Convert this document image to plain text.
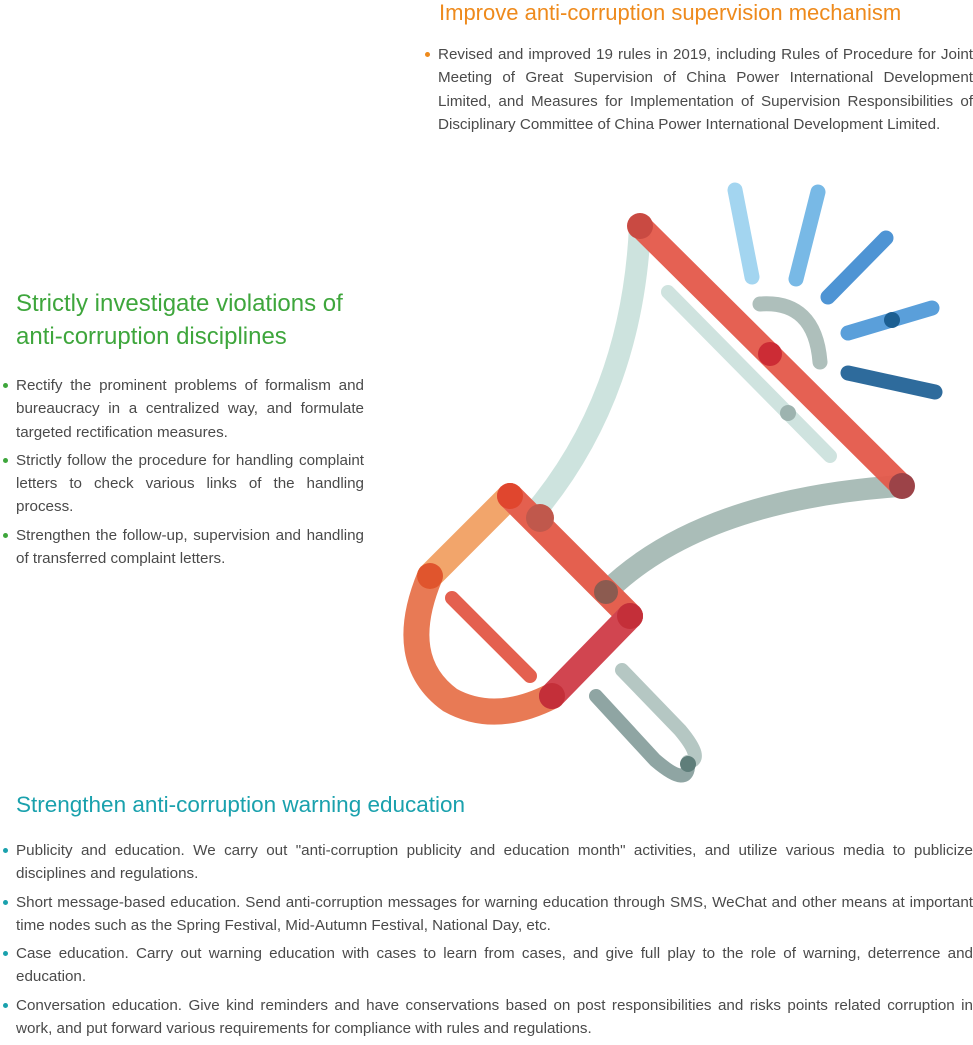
Improve anti-corruption supervision mechanism
Revised and improved 19 rules in 2019, including Rules of Procedure for Joint Meeting of Great Supervision of China Power International Development Limited, and Measures for Implementation of Supervision Responsibilities of Disciplinary Committee of China Power International Development Limited.
Strictly investigate violations of
anti-corruption disciplines
Rectify the prominent problems of formalism and bureaucracy in a centralized way, and formulate targeted rectification measures.
Strictly follow the procedure for handling complaint letters to check various links of the handling process.
Strengthen the follow-up, supervision and handling of transferred complaint letters.
Strengthen anti-corruption warning education
Publicity and education. We carry out "anti-corruption publicity and education month" activities, and utilize various media to publicize disciplines and regulations.
Short message-based education. Send anti-corruption messages for warning education through SMS, WeChat and other means at important time nodes such as the Spring Festival, Mid-Autumn Festival, National Day, etc.
Case education. Carry out warning education with cases to learn from cases, and give full play to the role of warning, deterrence and education.
Conversation education. Give kind reminders and have conservations based on post responsibilities and risks points related corruption in work, and put forward various requirements for compliance with rules and regulations.
